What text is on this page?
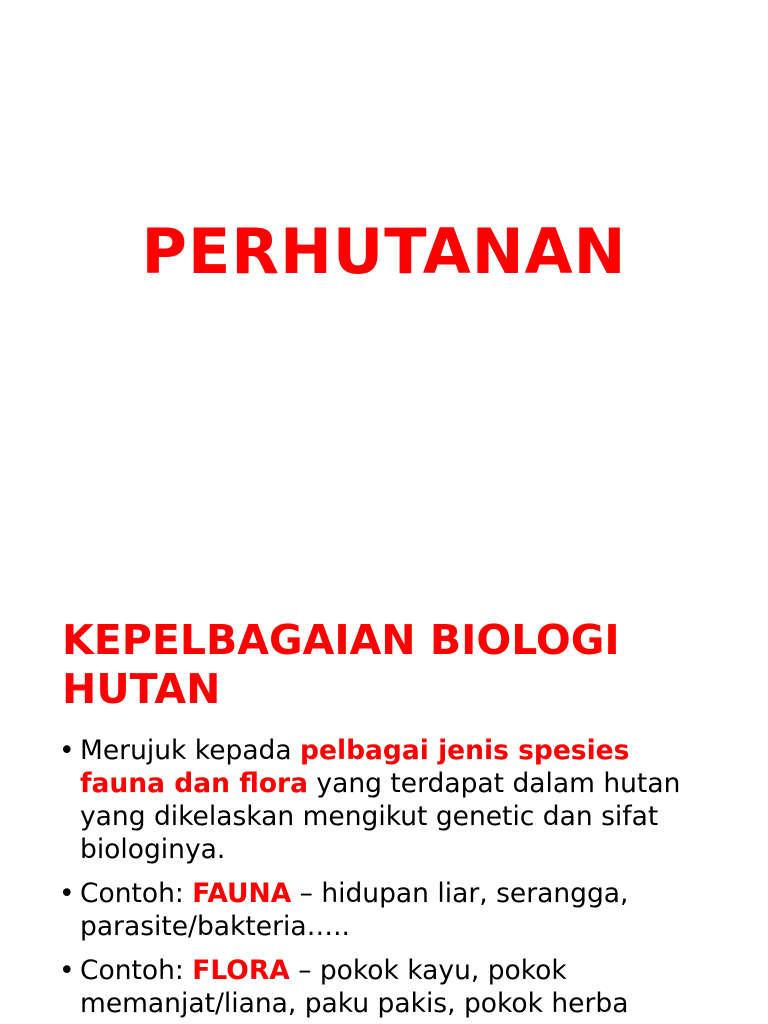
PERHUTANAN
KEPELBAGAIAN BIOLOGI HUTAN
• Merujuk kepada pelbagai jenis spesies fauna dan flora yang terdapat dalam hutan yang dikelaskan mengikut genetic dan sifat biologinya.
• Contoh: FAUNA – hidupan liar, serangga, parasite/bakteria…..
• Contoh: FLORA – pokok kayu, pokok memanjat/liana, paku pakis, pokok herba
